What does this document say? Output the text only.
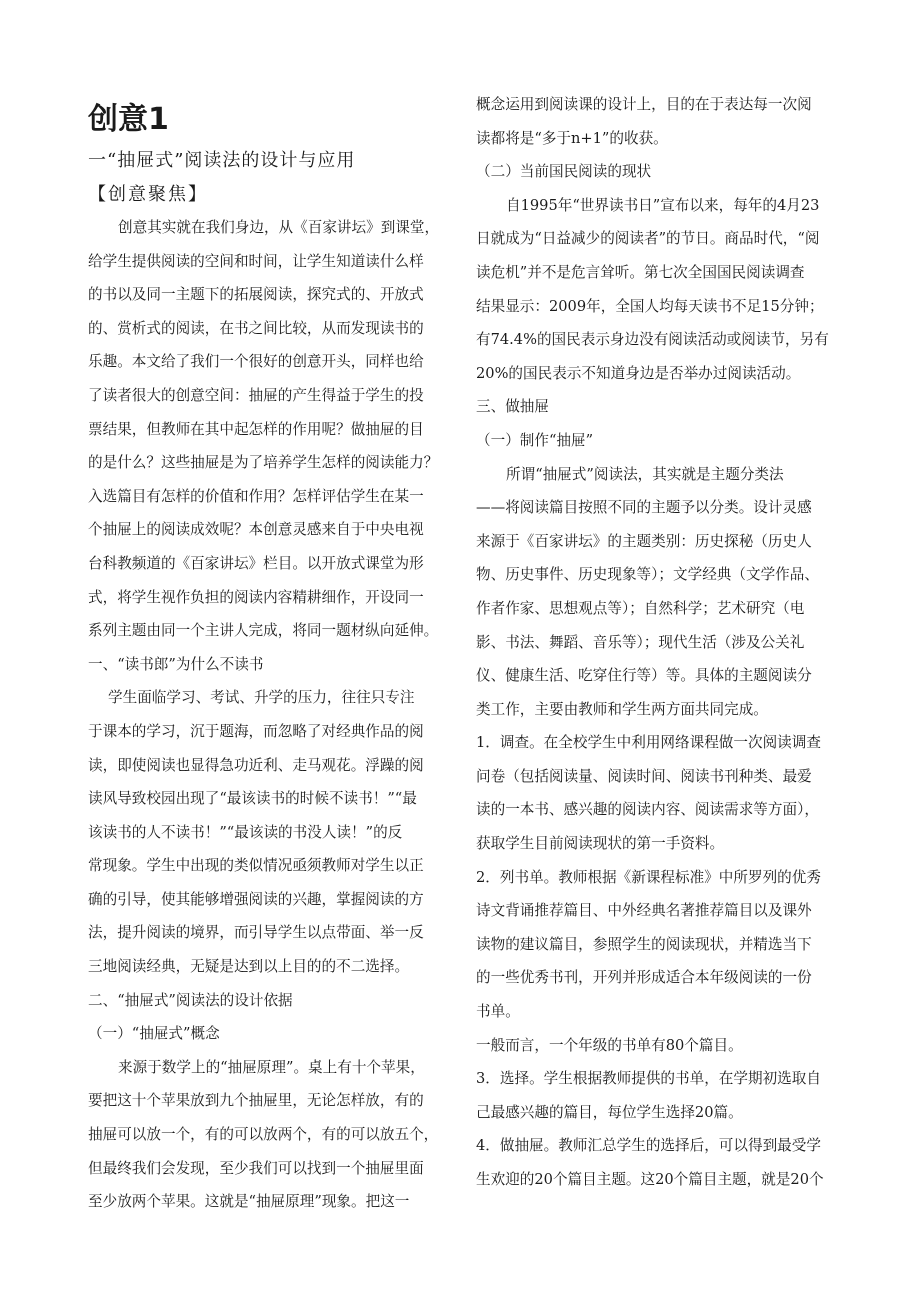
创意1
一“抽屉式”阅读法的设计与应用
【创意聚焦】

创意其实就在我们身边，从《百家讲坛》到课堂，

给学生提供阅读的空间和时间，让学生知道读什么样

的书以及同一主题下的拓展阅读，探究式的、开放式

的、赏析式的阅读，在书之间比较，从而发现读书的

乐趣。本文给了我们一个很好的创意开头，同样也给

了读者很大的创意空间：抽屉的产生得益于学生的投

票结果，但教师在其中起怎样的作用呢？做抽屉的目

的是什么？这些抽屉是为了培养学生怎样的阅读能力？

入选篇目有怎样的价值和作用？怎样评估学生在某一

个抽屉上的阅读成效呢？本创意灵感来自于中央电视

台科教频道的《百家讲坛》栏目。以开放式课堂为形

式，将学生视作负担的阅读内容精耕细作，开设同一

系列主题由同一个主讲人完成，将同一题材纵向延伸。

一、“读书郎”为什么不读书

学生面临学习、考试、升学的压力，往往只专注

于课本的学习，沉于题海，而忽略了对经典作品的阅

读，即使阅读也显得急功近利、走马观花。浮躁的阅

读风导致校园出现了“最该读书的时候不读书！”“最

该读书的人不读书！”“最该读的书没人读！”的反

常现象。学生中出现的类似情况亟须教师对学生以正

确的引导，使其能够增强阅读的兴趣，掌握阅读的方

法，提升阅读的境界，而引导学生以点带面、举一反

三地阅读经典，无疑是达到以上目的的不二选择。

二、“抽屉式”阅读法的设计依据

（一）“抽屉式”概念

来源于数学上的“抽屉原理”。桌上有十个苹果，

要把这十个苹果放到九个抽屉里，无论怎样放，有的

抽屉可以放一个，有的可以放两个，有的可以放五个，

但最终我们会发现，至少我们可以找到一个抽屉里面

至少放两个苹果。这就是“抽屉原理”现象。把这一

概念运用到阅读课的设计上，目的在于表达每一次阅

读都将是“多于n+1”的收获。

（二）当前国民阅读的现状

自1995年“世界读书日”宣布以来，每年的4月23

日就成为“日益减少的阅读者”的节日。商品时代，“阅

读危机”并不是危言耸听。第七次全国国民阅读调查

结果显示：2009年，全国人均每天读书不足15分钟；

有74.4%的国民表示身边没有阅读活动或阅读节，另有

20%的国民表示不知道身边是否举办过阅读活动。

三、做抽屉

（一）制作“抽屉”

所谓“抽屉式”阅读法，其实就是主题分类法

——将阅读篇目按照不同的主题予以分类。设计灵感

来源于《百家讲坛》的主题类别：历史探秘（历史人

物、历史事件、历史现象等）；文学经典（文学作品、

作者作家、思想观点等）；自然科学；艺术研究（电

影、书法、舞蹈、音乐等）；现代生活（涉及公关礼

仪、健康生活、吃穿住行等）等。具体的主题阅读分

类工作，主要由教师和学生两方面共同完成。

1．调查。在全校学生中利用网络课程做一次阅读调查

问卷（包括阅读量、阅读时间、阅读书刊种类、最爱

读的一本书、感兴趣的阅读内容、阅读需求等方面），

获取学生目前阅读现状的第一手资料。

2．列书单。教师根据《新课程标准》中所罗列的优秀

诗文背诵推荐篇目、中外经典名著推荐篇目以及课外

读物的建议篇目，参照学生的阅读现状，并精选当下

的一些优秀书刊，开列并形成适合本年级阅读的一份

书单。

一般而言，一个年级的书单有80个篇目。

3．选择。学生根据教师提供的书单，在学期初选取自

己最感兴趣的篇目，每位学生选择20篇。

4．做抽屉。教师汇总学生的选择后，可以得到最受学

生欢迎的20个篇目主题。这20个篇目主题，就是20个
